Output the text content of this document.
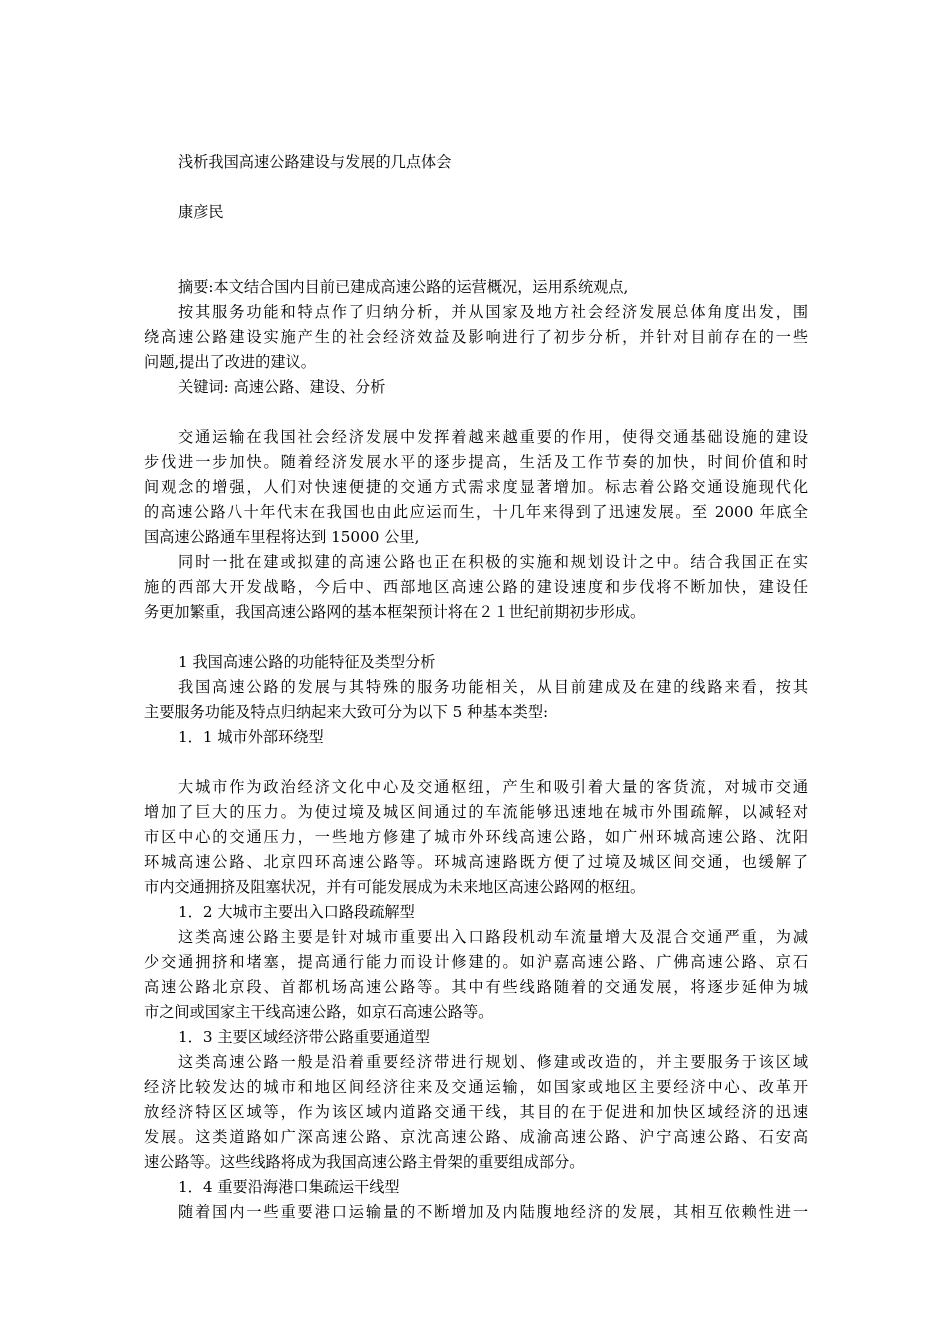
浅析我国高速公路建设与发展的几点体会
康彦民
摘要:本文结合国内目前已建成高速公路的运营概况，运用系统观点,
按其服务功能和特点作了归纳分析，并从国家及地方社会经济发展总体角度出发，围
绕高速公路建设实施产生的社会经济效益及影响进行了初步分析，并针对目前存在的一些
问题,提出了改进的建议。
关键词: 高速公路、建设、分析
交通运输在我国社会经济发展中发挥着越来越重要的作用，使得交通基础设施的建设
步伐进一步加快。随着经济发展水平的逐步提高，生活及工作节奏的加快，时间价值和时
间观念的增强，人们对快速便捷的交通方式需求度显著增加。标志着公路交通设施现代化
的高速公路八十年代末在我国也由此应运而生，十几年来得到了迅速发展。至 2000 年底全
国高速公路通车里程将达到 15000 公里,
同时一批在建或拟建的高速公路也正在积极的实施和规划设计之中。结合我国正在实
施的西部大开发战略，今后中、西部地区高速公路的建设速度和步伐将不断加快，建设任
务更加繁重，我国高速公路网的基本框架预计将在２１世纪前期初步形成。
1 我国高速公路的功能特征及类型分析
我国高速公路的发展与其特殊的服务功能相关，从目前建成及在建的线路来看，按其
主要服务功能及特点归纳起来大致可分为以下 5 种基本类型:
1．1 城市外部环绕型
大城市作为政治经济文化中心及交通枢纽，产生和吸引着大量的客货流，对城市交通
增加了巨大的压力。为使过境及城区间通过的车流能够迅速地在城市外围疏解，以减轻对
市区中心的交通压力，一些地方修建了城市外环线高速公路，如广州环城高速公路、沈阳
环城高速公路、北京四环高速公路等。环城高速路既方便了过境及城区间交通，也缓解了
市内交通拥挤及阻塞状况，并有可能发展成为未来地区高速公路网的枢纽。
1．2 大城市主要出入口路段疏解型
这类高速公路主要是针对城市重要出入口路段机动车流量增大及混合交通严重，为减
少交通拥挤和堵塞，提高通行能力而设计修建的。如沪嘉高速公路、广佛高速公路、京石
高速公路北京段、首都机场高速公路等。其中有些线路随着的交通发展，将逐步延伸为城
市之间或国家主干线高速公路，如京石高速公路等。
1．3 主要区域经济带公路重要通道型
这类高速公路一般是沿着重要经济带进行规划、修建或改造的，并主要服务于该区域
经济比较发达的城市和地区间经济往来及交通运输，如国家或地区主要经济中心、改革开
放经济特区区域等，作为该区域内道路交通干线，其目的在于促进和加快区域经济的迅速
发展。这类道路如广深高速公路、京沈高速公路、成渝高速公路、沪宁高速公路、石安高
速公路等。这些线路将成为我国高速公路主骨架的重要组成部分。
1．4 重要沿海港口集疏运干线型
随着国内一些重要港口运输量的不断增加及内陆腹地经济的发展，其相互依赖性进一
